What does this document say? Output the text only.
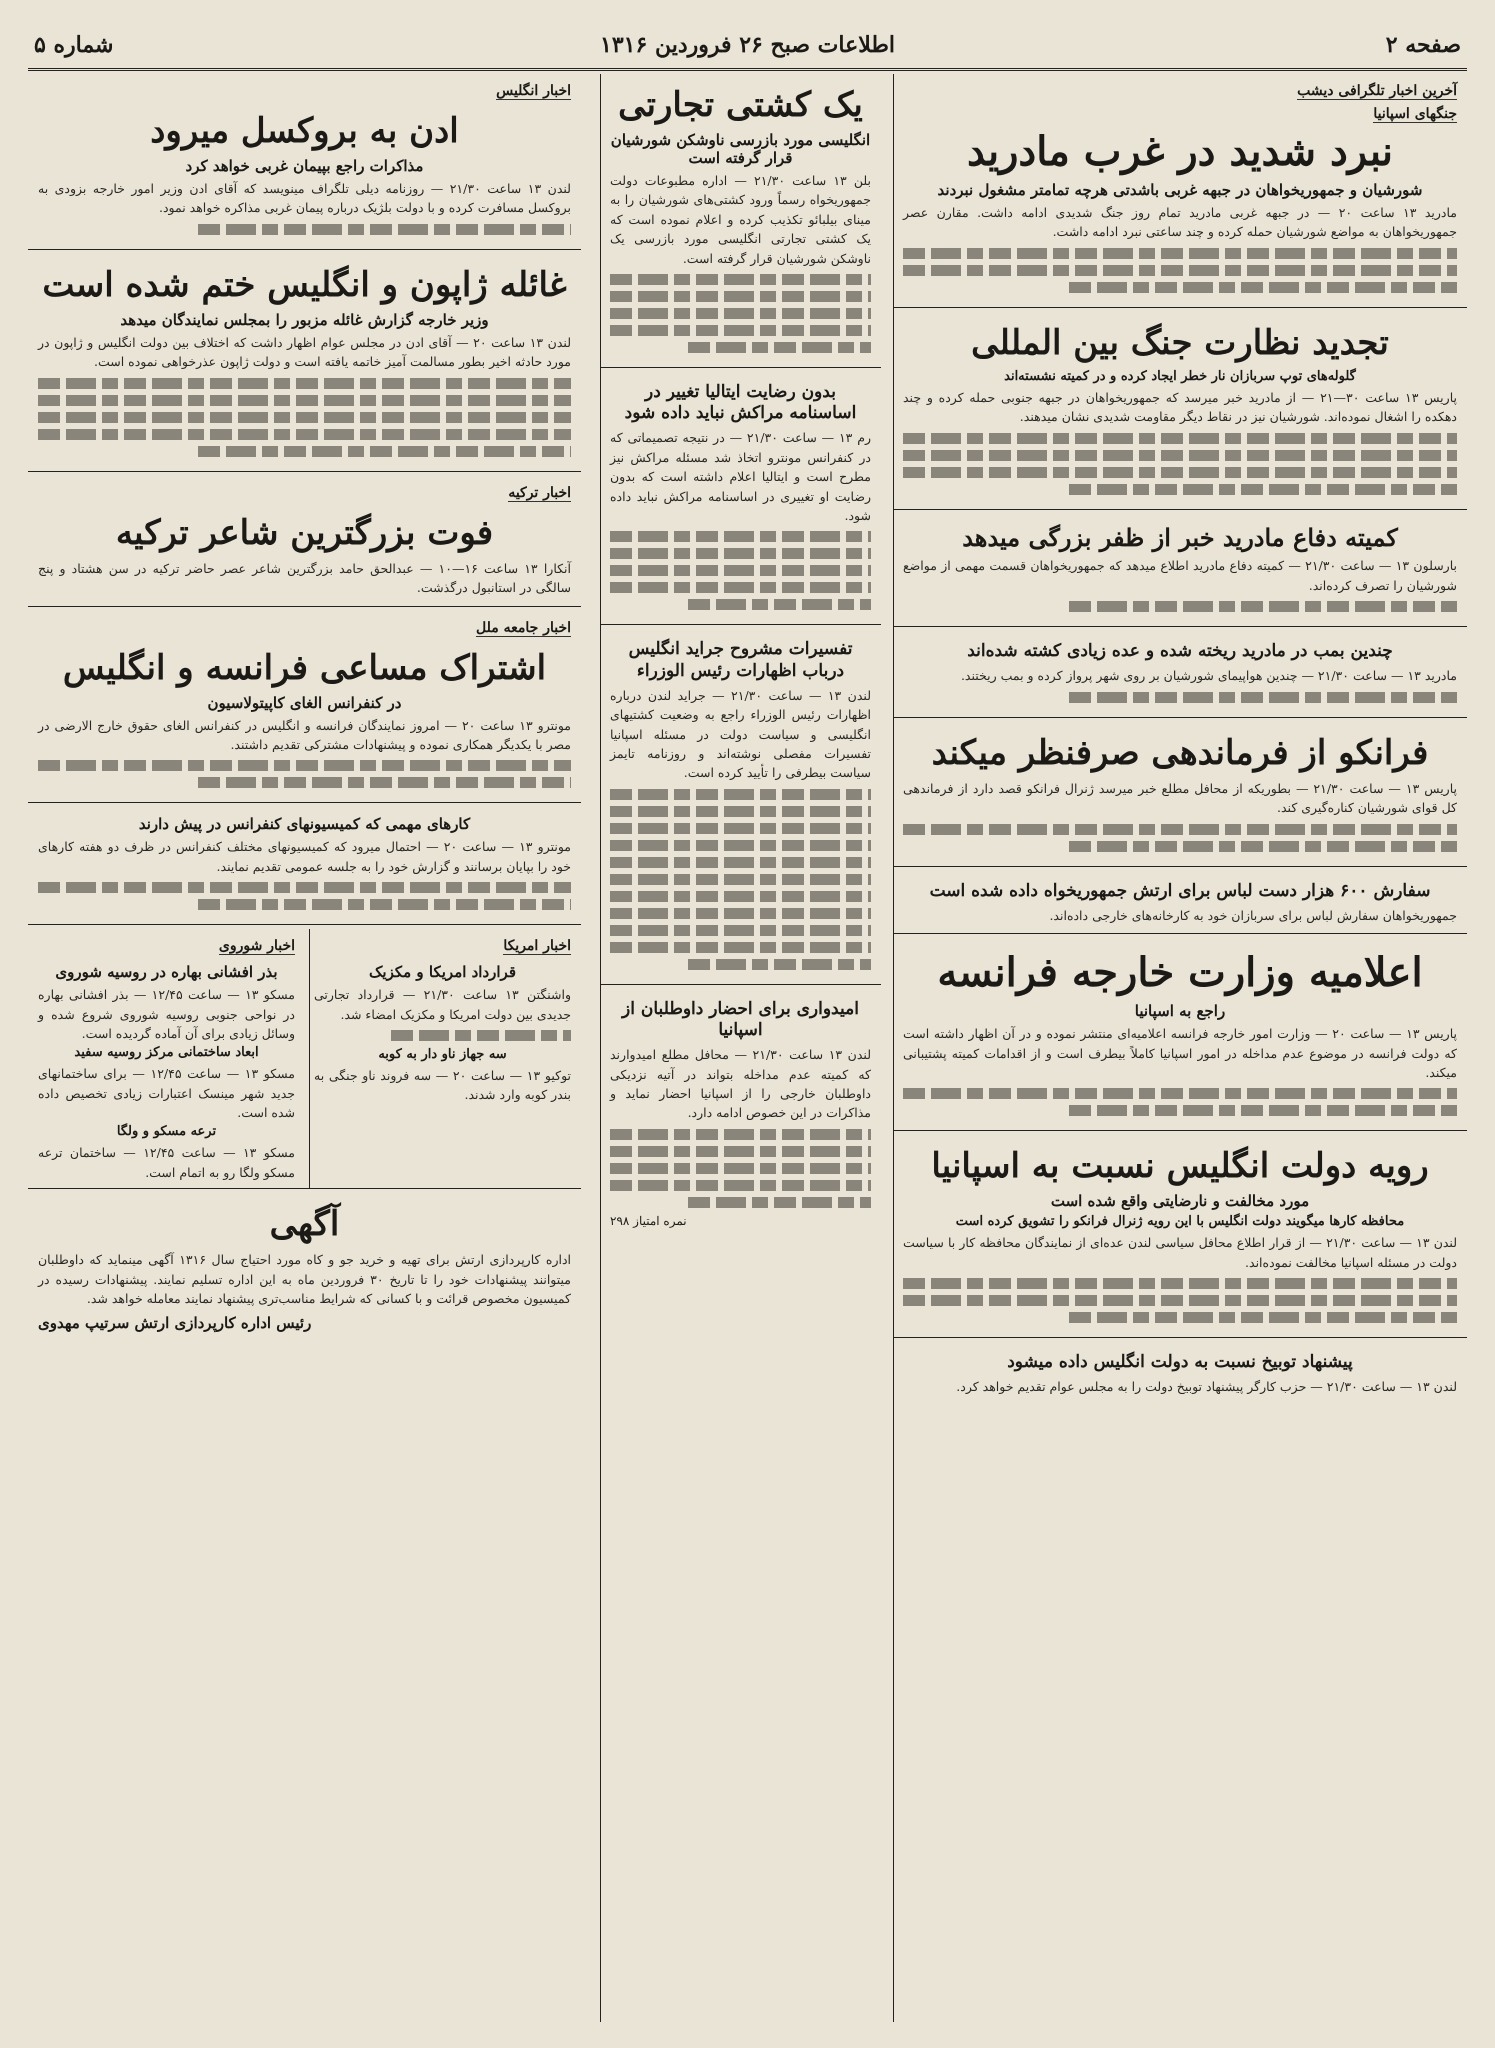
صفحه ۲
اطلاعات صبح ۲۶ فروردین ۱۳۱۶
شماره ۵
آخرین اخبار تلگرافی دیشب
جنگهای اسپانیا
نبرد شدید در غرب مادرید
شورشیان و جمهوریخواهان در جبهه غربی باشدتی هرچه تمامتر مشغول نبردند

مادرید ۱۳ ساعت ۲۰ — در جبهه غربی مادرید تمام روز جنگ شدیدی ادامه داشت. مقارن عصر جمهوریخواهان به مواضع شورشیان حمله کرده و چند ساعتی نبرد ادامه داشت.

تجدید نظارت جنگ بین المللی
گلوله‌های توپ سربازان نار خطر ایجاد کرده و در کمیته نشسته‌اند

پاریس ۱۳ ساعت ۳۰—۲۱ — از مادرید خبر میرسد که جمهوریخواهان در جبهه جنوبی حمله کرده و چند دهکده را اشغال نموده‌اند. شورشیان نیز در نقاط دیگر مقاومت شدیدی نشان میدهند.

کمیته دفاع مادرید خبر از ظفر بزرگی میدهد

بارسلون ۱۳ — ساعت ۲۱/۳۰ — کمیته دفاع مادرید اطلاع میدهد که جمهوریخواهان قسمت مهمی از مواضع شورشیان را تصرف کرده‌اند.

چندین بمب در مادرید ریخته شده و عده زیادی کشته شده‌اند

مادرید ۱۳ — ساعت ۲۱/۳۰ — چندین هواپیمای شورشیان بر روی شهر پرواز کرده و بمب ریختند.

فرانکو از فرماندهی صرفنظر میکند

پاریس ۱۳ — ساعت ۲۱/۳۰ — بطوریکه از محافل مطلع خبر میرسد ژنرال فرانکو قصد دارد از فرماندهی کل قوای شورشیان کناره‌گیری کند.

سفارش ۶۰۰ هزار دست لباس برای ارتش جمهوریخواه داده شده است

جمهوریخواهان سفارش لباس برای سربازان خود به کارخانه‌های خارجی داده‌اند.

اعلامیه وزارت خارجه فرانسه
راجع به اسپانیا

پاریس ۱۳ — ساعت ۲۰ — وزارت امور خارجه فرانسه اعلامیه‌ای منتشر نموده و در آن اظهار داشته است که دولت فرانسه در موضوع عدم مداخله در امور اسپانیا کاملاً بیطرف است و از اقدامات کمیته پشتیبانی میکند.

رویه دولت انگلیس نسبت به اسپانیا
مورد مخالفت و نارضایتی واقع شده است
محافظه کارها میگویند دولت انگلیس با این رویه ژنرال فرانکو را تشویق کرده است

لندن ۱۳ — ساعت ۲۱/۳۰ — از قرار اطلاع محافل سیاسی لندن عده‌ای از نمایندگان محافظه کار با سیاست دولت در مسئله اسپانیا مخالفت نموده‌اند.

پیشنهاد توبیخ نسبت به دولت انگلیس داده میشود

لندن ۱۳ — ساعت ۲۱/۳۰ — حزب کارگر پیشنهاد توبیخ دولت را به مجلس عوام تقدیم خواهد کرد.

یک کشتی تجارتی
انگلیسی مورد بازرسی ناوشکن شورشیان قرار گرفته است

بلن ۱۳ ساعت ۲۱/۳۰ — اداره مطبوعات دولت جمهوریخواه رسماً ورود کشتی‌های شورشیان را به مینای بیلبائو تکذیب کرده و اعلام نموده است که یک کشتی تجارتی انگلیسی مورد بازرسی یک ناوشکن شورشیان قرار گرفته است.

بدون رضایت ایتالیا تغییر در اساسنامه مراکش نباید داده شود

رم ۱۳ — ساعت ۲۱/۳۰ — در نتیجه تصمیماتی که در کنفرانس مونترو اتخاذ شد مسئله مراکش نیز مطرح است و ایتالیا اعلام داشته است که بدون رضایت او تغییری در اساسنامه مراکش نباید داده شود.

تفسیرات مشروح جراید انگلیس درباب اظهارات رئیس الوزراء

لندن ۱۳ — ساعت ۲۱/۳۰ — جراید لندن درباره اظهارات رئیس الوزراء راجع به وضعیت کشتیهای انگلیسی و سیاست دولت در مسئله اسپانیا تفسیرات مفصلی نوشته‌اند و روزنامه تایمز سیاست بیطرفی را تأیید کرده است.

امیدواری برای احضار داوطلبان از اسپانیا

لندن ۱۳ ساعت ۲۱/۳۰ — محافل مطلع امیدوارند که کمیته عدم مداخله بتواند در آتیه نزدیکی داوطلبان خارجی را از اسپانیا احضار نماید و مذاکرات در این خصوص ادامه دارد.

نمره امتیاز ۲۹۸
اخبار انگلیس
ادن به بروکسل میرود
مذاکرات راجع بپیمان غربی خواهد کرد

لندن ۱۳ ساعت ۲۱/۳۰ — روزنامه دیلی تلگراف مینویسد که آقای ادن وزیر امور خارجه بزودی به بروکسل مسافرت کرده و با دولت بلژیک درباره پیمان غربی مذاکره خواهد نمود.

غائله ژاپون و انگلیس ختم شده است
وزیر خارجه گزارش غائله مزبور را بمجلس نمایندگان میدهد

لندن ۱۳ ساعت ۲۰ — آقای ادن در مجلس عوام اظهار داشت که اختلاف بین دولت انگلیس و ژاپون در مورد حادثه اخیر بطور مسالمت آمیز خاتمه یافته است و دولت ژاپون عذرخواهی نموده است.

اخبار ترکیه
فوت بزرگترین شاعر ترکیه

آنکارا ۱۳ ساعت ۱۶—۱۰ — عبدالحق حامد بزرگترین شاعر عصر حاضر ترکیه در سن هشتاد و پنج سالگی در استانبول درگذشت.

اخبار جامعه ملل
اشتراک مساعی فرانسه و انگلیس
در کنفرانس الغای کاپیتولاسیون

مونترو ۱۳ ساعت ۲۰ — امروز نمایندگان فرانسه و انگلیس در کنفرانس الغای حقوق خارج الارضی در مصر با یکدیگر همکاری نموده و پیشنهادات مشترکی تقدیم داشتند.

کارهای مهمی که کمیسیونهای کنفرانس در پیش دارند

مونترو ۱۳ — ساعت ۲۰ — احتمال میرود که کمیسیونهای مختلف کنفرانس در ظرف دو هفته کارهای خود را بپایان برسانند و گزارش خود را به جلسه عمومی تقدیم نمایند.

اخبار امریکا
قرارداد امریکا و مکزیک

واشنگتن ۱۳ ساعت ۲۱/۳۰ — قرارداد تجارتی جدیدی بین دولت امریکا و مکزیک امضاء شد.

سه جهاز ناو دار به کوبه

توکیو ۱۳ — ساعت ۲۰ — سه فروند ناو جنگی به بندر کوبه وارد شدند.

اخبار شوروی
بذر افشانی بهاره در روسیه شوروی

مسکو ۱۳ — ساعت ۱۲/۴۵ — بذر افشانی بهاره در نواحی جنوبی روسیه شوروی شروع شده و وسائل زیادی برای آن آماده گردیده است.

ابعاد ساختمانی مرکز روسیه سفید

مسکو ۱۳ — ساعت ۱۲/۴۵ — برای ساختمانهای جدید شهر مینسک اعتبارات زیادی تخصیص داده شده است.

ترعه مسکو و ولگا

مسکو ۱۳ — ساعت ۱۲/۴۵ — ساختمان ترعه مسکو ولگا رو به اتمام است.

آگهی

اداره کارپردازی ارتش برای تهیه و خرید جو و کاه مورد احتیاج سال ۱۳۱۶ آگهی مینماید که داوطلبان میتوانند پیشنهادات خود را تا تاریخ ۳۰ فروردین ماه به این اداره تسلیم نمایند. پیشنهادات رسیده در کمیسیون مخصوص قرائت و با کسانی که شرایط مناسب‌تری پیشنهاد نمایند معامله خواهد شد.

رئیس اداره کارپردازی ارتش سرتیپ مهدوی
